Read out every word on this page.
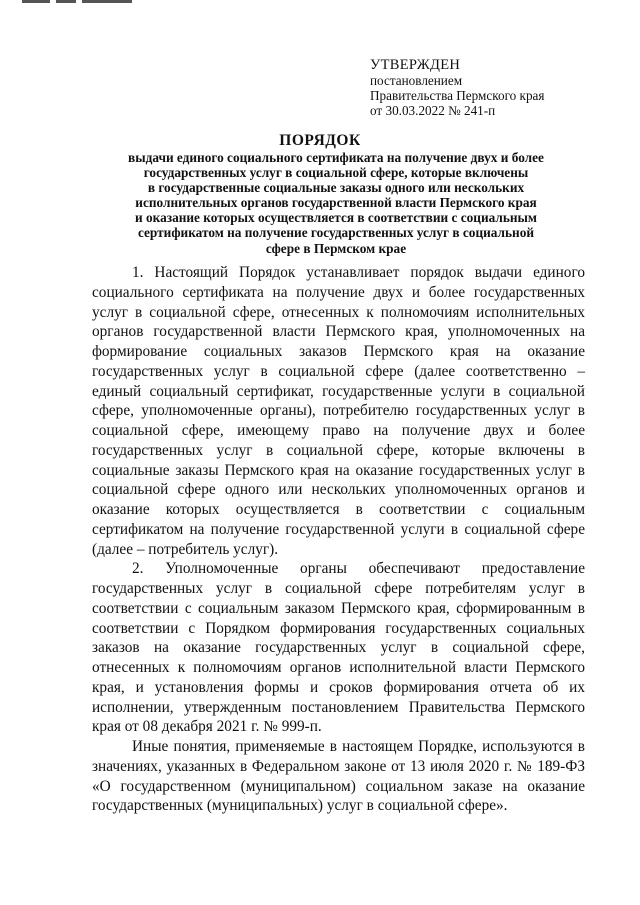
УТВЕРЖДЕН
постановлением
Правительства Пермского края
от 30.03.2022 № 241-п
ПОРЯДОК
выдачи единого социального сертификата на получение двух и более
государственных услуг в социальной сфере, которые включены
в государственные социальные заказы одного или нескольких
исполнительных органов государственной власти Пермского края
и оказание которых осуществляется в соответствии с социальным
сертификатом на получение государственных услуг в социальной
сфере в Пермском крае

1. Настоящий Порядок устанавливает порядок выдачи единого социального сертификата на получение двух и более государственных услуг в социальной сфере, отнесенных к полномочиям исполнительных органов государственной власти Пермского края, уполномоченных на формирование социальных заказов Пермского края на оказание государственных услуг в социальной сфере (далее соответственно – единый социальный сертификат, государственные услуги в социальной сфере, уполномоченные органы), потребителю государственных услуг в социальной сфере, имеющему право на получение двух и более государственных услуг в социальной сфере, которые включены в социальные заказы Пермского края на оказание государственных услуг в социальной сфере одного или нескольких уполномоченных органов и оказание которых осуществляется в соответствии с социальным сертификатом на получение государственной услуги в социальной сфере (далее – потребитель услуг).

2. Уполномоченные органы обеспечивают предоставление государственных услуг в социальной сфере потребителям услуг в соответствии с социальным заказом Пермского края, сформированным в соответствии с Порядком формирования государственных социальных заказов на оказание государственных услуг в социальной сфере, отнесенных к полномочиям органов исполнительной власти Пермского края, и установления формы и сроков формирования отчета об их исполнении, утвержденным постановлением Правительства Пермского края от 08 декабря 2021 г. № 999-п.

Иные понятия, применяемые в настоящем Порядке, используются в значениях, указанных в Федеральном законе от 13 июля 2020 г. № 189-ФЗ «О государственном (муниципальном) социальном заказе на оказание государственных (муниципальных) услуг в социальной сфере».
